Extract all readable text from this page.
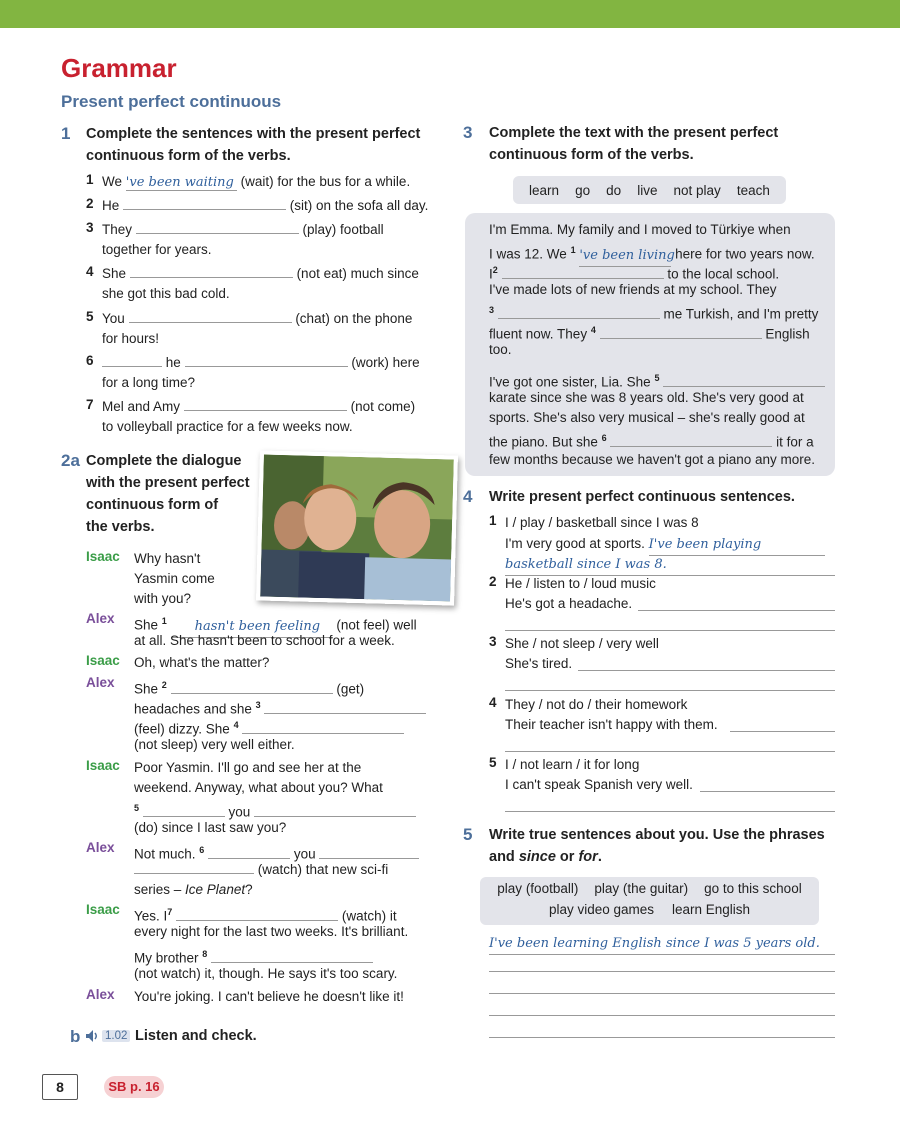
Grammar
Present perfect continuous
1 Complete the sentences with the present perfect
continuous form of the verbs.
1 We 've been waiting (wait) for the bus for a while.
2 He	(sit) on the sofa all day.
3 They	(play) football
together for years.
4 She	(not eat) much since
she got this bad cold.
5 You	(chat) on the phone
for hours!
6	he	(work) here
for a long time?
7 Mel and Amy	(not come)
to volleyball practice for a few weeks now.
2a Complete the dialogue
with the present perfect
continuous form of
the verbs.
Isaac Why hasn't
Yasmin come
with you?
Alex She $^1$ hasn't been feeling (not feel) well
at all. She hasn't been to school for a week.
Isaac Oh, what's the matter?
Alex She $^2$	(get)
headaches and she $^3$
(feel) dizzy. She $^4$
(not sleep) very well either.
Isaac Poor Yasmin. I'll go and see her at the
weekend. Anyway, what about you? What
$^5$	you
(do) since I last saw you?
Alex Not much. $^6$	you
(watch) that new sci-fi
series – Ice Planet?
Isaac Yes. $I^7$	(watch) it
every night for the last two weeks. It's brilliant.
My brother $^8$
(not watch) it, though. He says it's too scary.
Alex You're joking. I can't believe he doesn't like it!
b 1.02 Listen and check.
3 Complete the text with the present perfect
continuous form of the verbs.
learn go do live not play teach
I'm Emma. My family and I moved to Türkiye when
I was 12. We $^1$ 've been living here for two years now.
$I^2$	to the local school.
I've made lots of new friends at my school. They
$^3$	me Turkish, and I'm pretty
fluent now. They $^4$	English
too.
I've got one sister, Lia. She $^5$
karate since she was 8 years old. She's very good at
sports. She's also very musical – she's really good at
the piano. But she $^6$	it for a
few months because we haven't got a piano any more.
4 Write present perfect continuous sentences.
1 I / play / basketball since I was 8
I'm very good at sports. I've been playing
basketball since I was 8.
2 He / listen to / loud music
He's got a headache.
3 She / not sleep / very well
She's tired.
4 They / not do / their homework
Their teacher isn't happy with them.
5 I / not learn / it for long
I can't speak Spanish very well.
5 Write true sentences about you. Use the phrases
and since or for.
play (football) play (the guitar) go to this school
play video games learn English
I've been learning English since I was 5 years old.
8	SB p. 16
